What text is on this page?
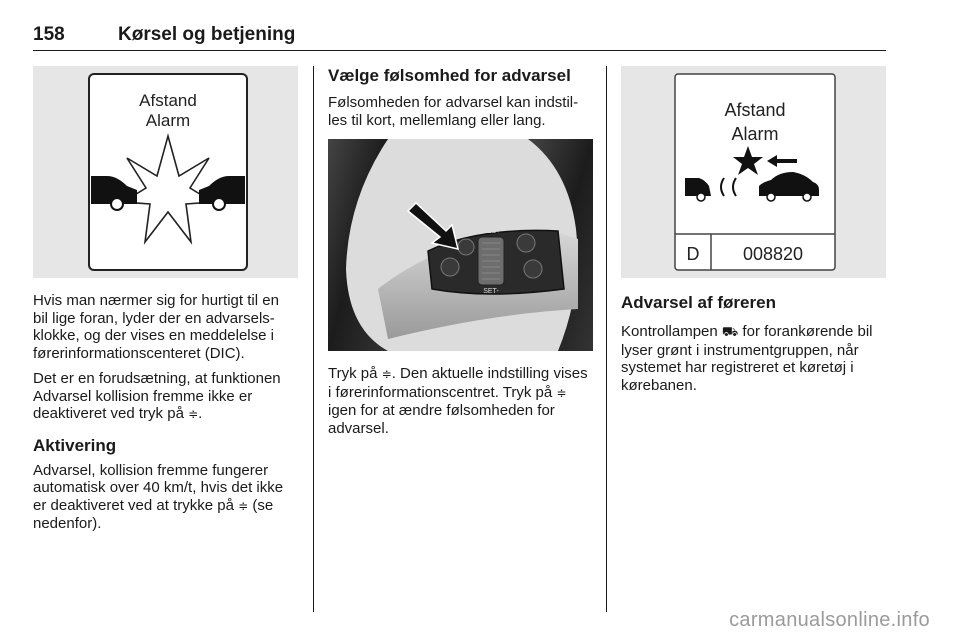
158	Kørsel og betjening
Afstand
Alarm

Hvis man nærmer sig for hurtigt til en bil lige foran, lyder der en advarsels-klokke, og der vises en meddelelse i førerinformationscenteret (DIC).

Det er en forudsætning, at funktionen Advarsel kollision fremme ikke er deaktiveret ved tryk på ≑.

Aktivering

Advarsel, kollision fremme fungerer automatisk over 40 km/t, hvis det ikke er deaktiveret ved at trykke på ≑ (se nedenfor).

Vælge følsomhed for advarsel

Følsomheden for advarsel kan indstil-les til kort, mellemlang eller lang.

RES+
SET-

Tryk på ≑. Den aktuelle indstilling vises i førerinformationscentret. Tryk på ≑ igen for at ændre følsomheden for advarsel.

Afstand
Alarm
D 008820
Advarsel af føreren

Kontrollampen ⛟ for forankørende bil lyser grønt i instrumentgruppen, når systemet har registreret et køretøj i kørebanen.

carmanualsonline.info
